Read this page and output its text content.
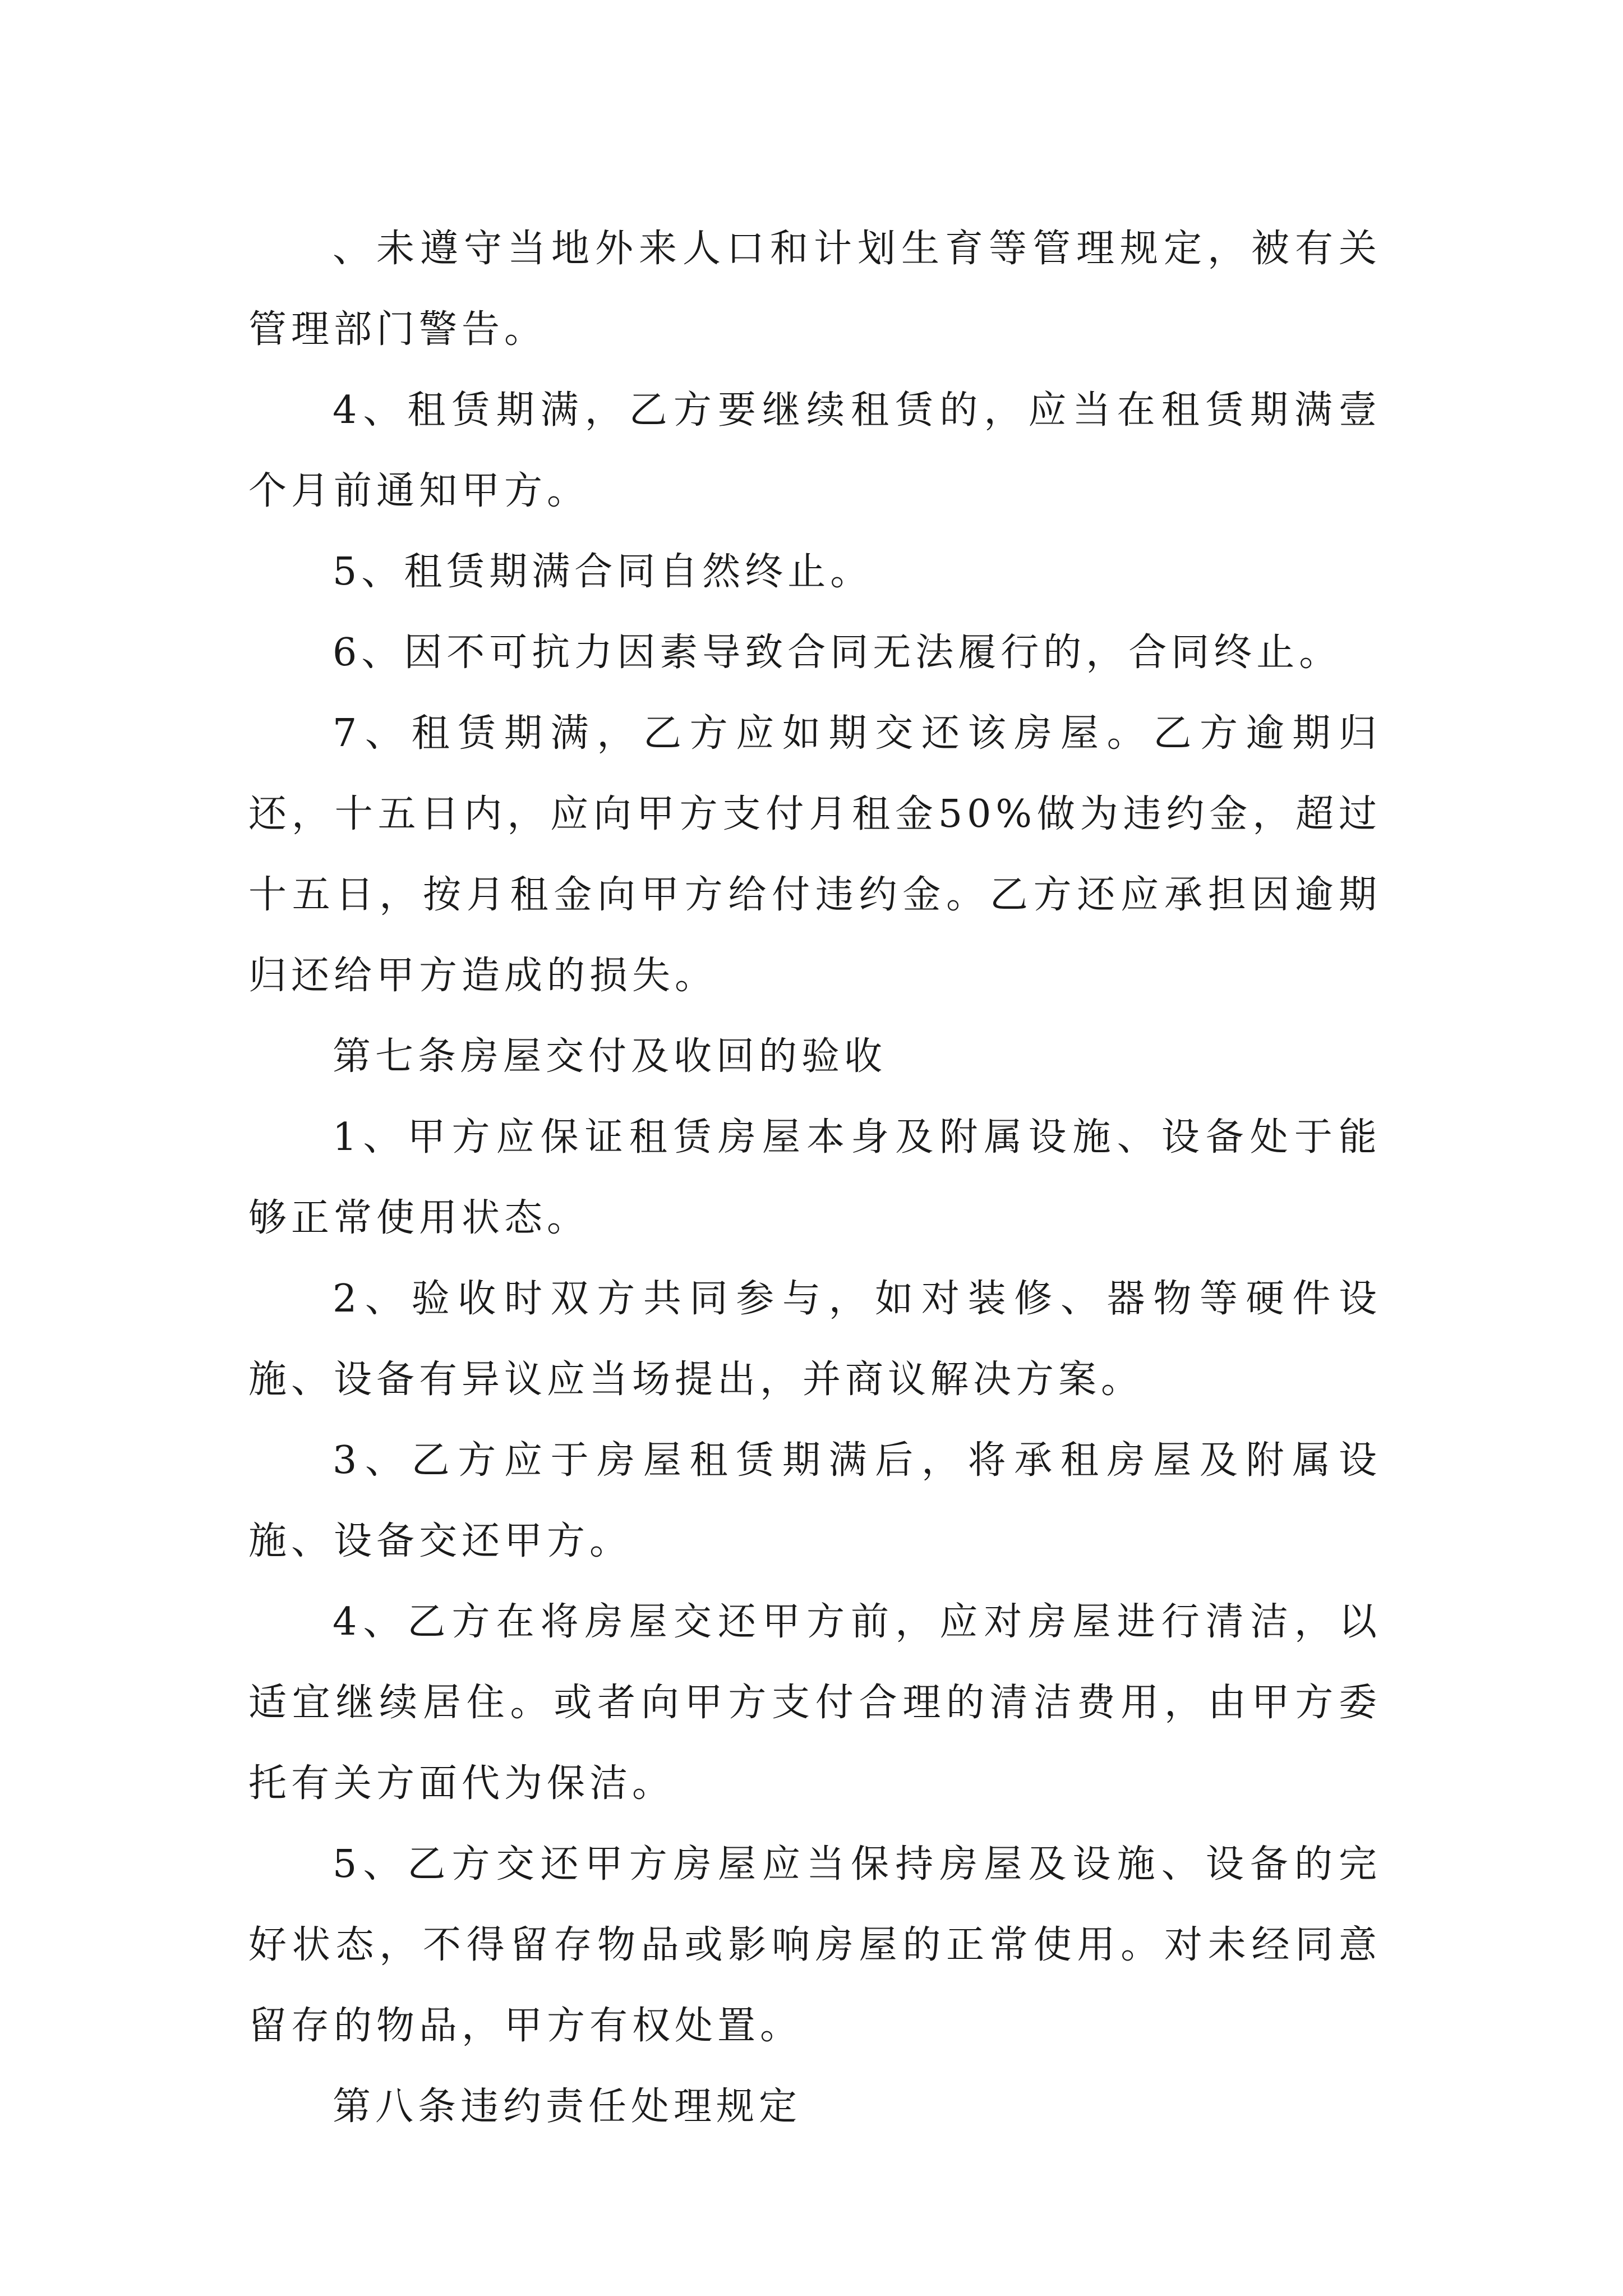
、未遵守当地外来人口和计划生育等管理规定，被有关管理部门警告。

4、租赁期满，乙方要继续租赁的，应当在租赁期满壹个月前通知甲方。

5、租赁期满合同自然终止。

6、因不可抗力因素导致合同无法履行的，合同终止。

7、租赁期满，乙方应如期交还该房屋。乙方逾期归还，十五日内，应向甲方支付月租金50%做为违约金，超过十五日，按月租金向甲方给付违约金。乙方还应承担因逾期归还给甲方造成的损失。

第七条房屋交付及收回的验收

1、甲方应保证租赁房屋本身及附属设施、设备处于能够正常使用状态。

2、验收时双方共同参与，如对装修、器物等硬件设施、设备有异议应当场提出，并商议解决方案。

3、乙方应于房屋租赁期满后，将承租房屋及附属设施、设备交还甲方。

4、乙方在将房屋交还甲方前，应对房屋进行清洁，以适宜继续居住。或者向甲方支付合理的清洁费用，由甲方委托有关方面代为保洁。

5、乙方交还甲方房屋应当保持房屋及设施、设备的完好状态，不得留存物品或影响房屋的正常使用。对未经同意留存的物品，甲方有权处置。

第八条违约责任处理规定
